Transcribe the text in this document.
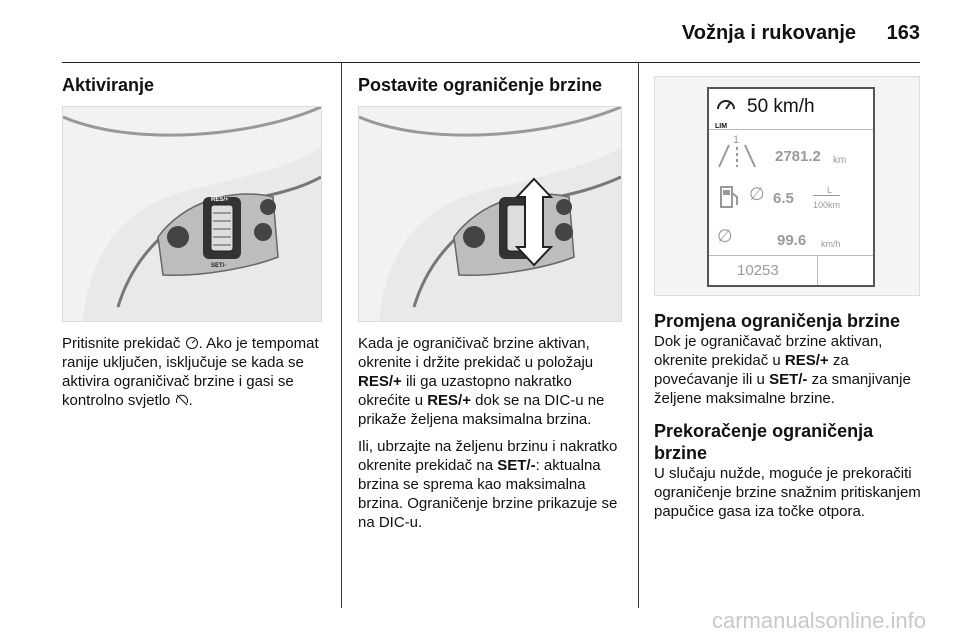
Vožnja i rukovanje 163
Aktiviranje
RES/+
SET/-

Pritisnite prekidač . Ako je tempomat ranije uključen, isključuje se kada se aktivira ograničivač brzine i gasi se kontrolno svjetlo .

Postavite ograničenje brzine

Kada je ograničivač brzine aktivan, okrenite i držite prekidač u položaju RES/+ ili ga uzastopno nakratko okrećite u RES/+ dok se na DIC-u ne prikaže željena maksimalna brzina.

Ili, ubrzajte na željenu brzinu i nakratko okrenite prekidač na SET/-: aktualna brzina se sprema kao maksimalna brzina. Ograničenje brzine prikazuje se na DIC-u.

LIM
50 km/h
1
2781.2 km
∅ 6.5	L
100km
∅	99.6 km/h
10253
Promjena ograničenja brzine

Dok je ograničavač brzine aktivan, okrenite prekidač u RES/+ za povećavanje ili u SET/- za smanjivanje željene maksimalne brzine.

Prekoračenje ograničenja brzine

U slučaju nužde, moguće je prekoračiti ograničenje brzine snažnim pritiskanjem papučice gasa iza točke otpora.

carmanualsonline.info
